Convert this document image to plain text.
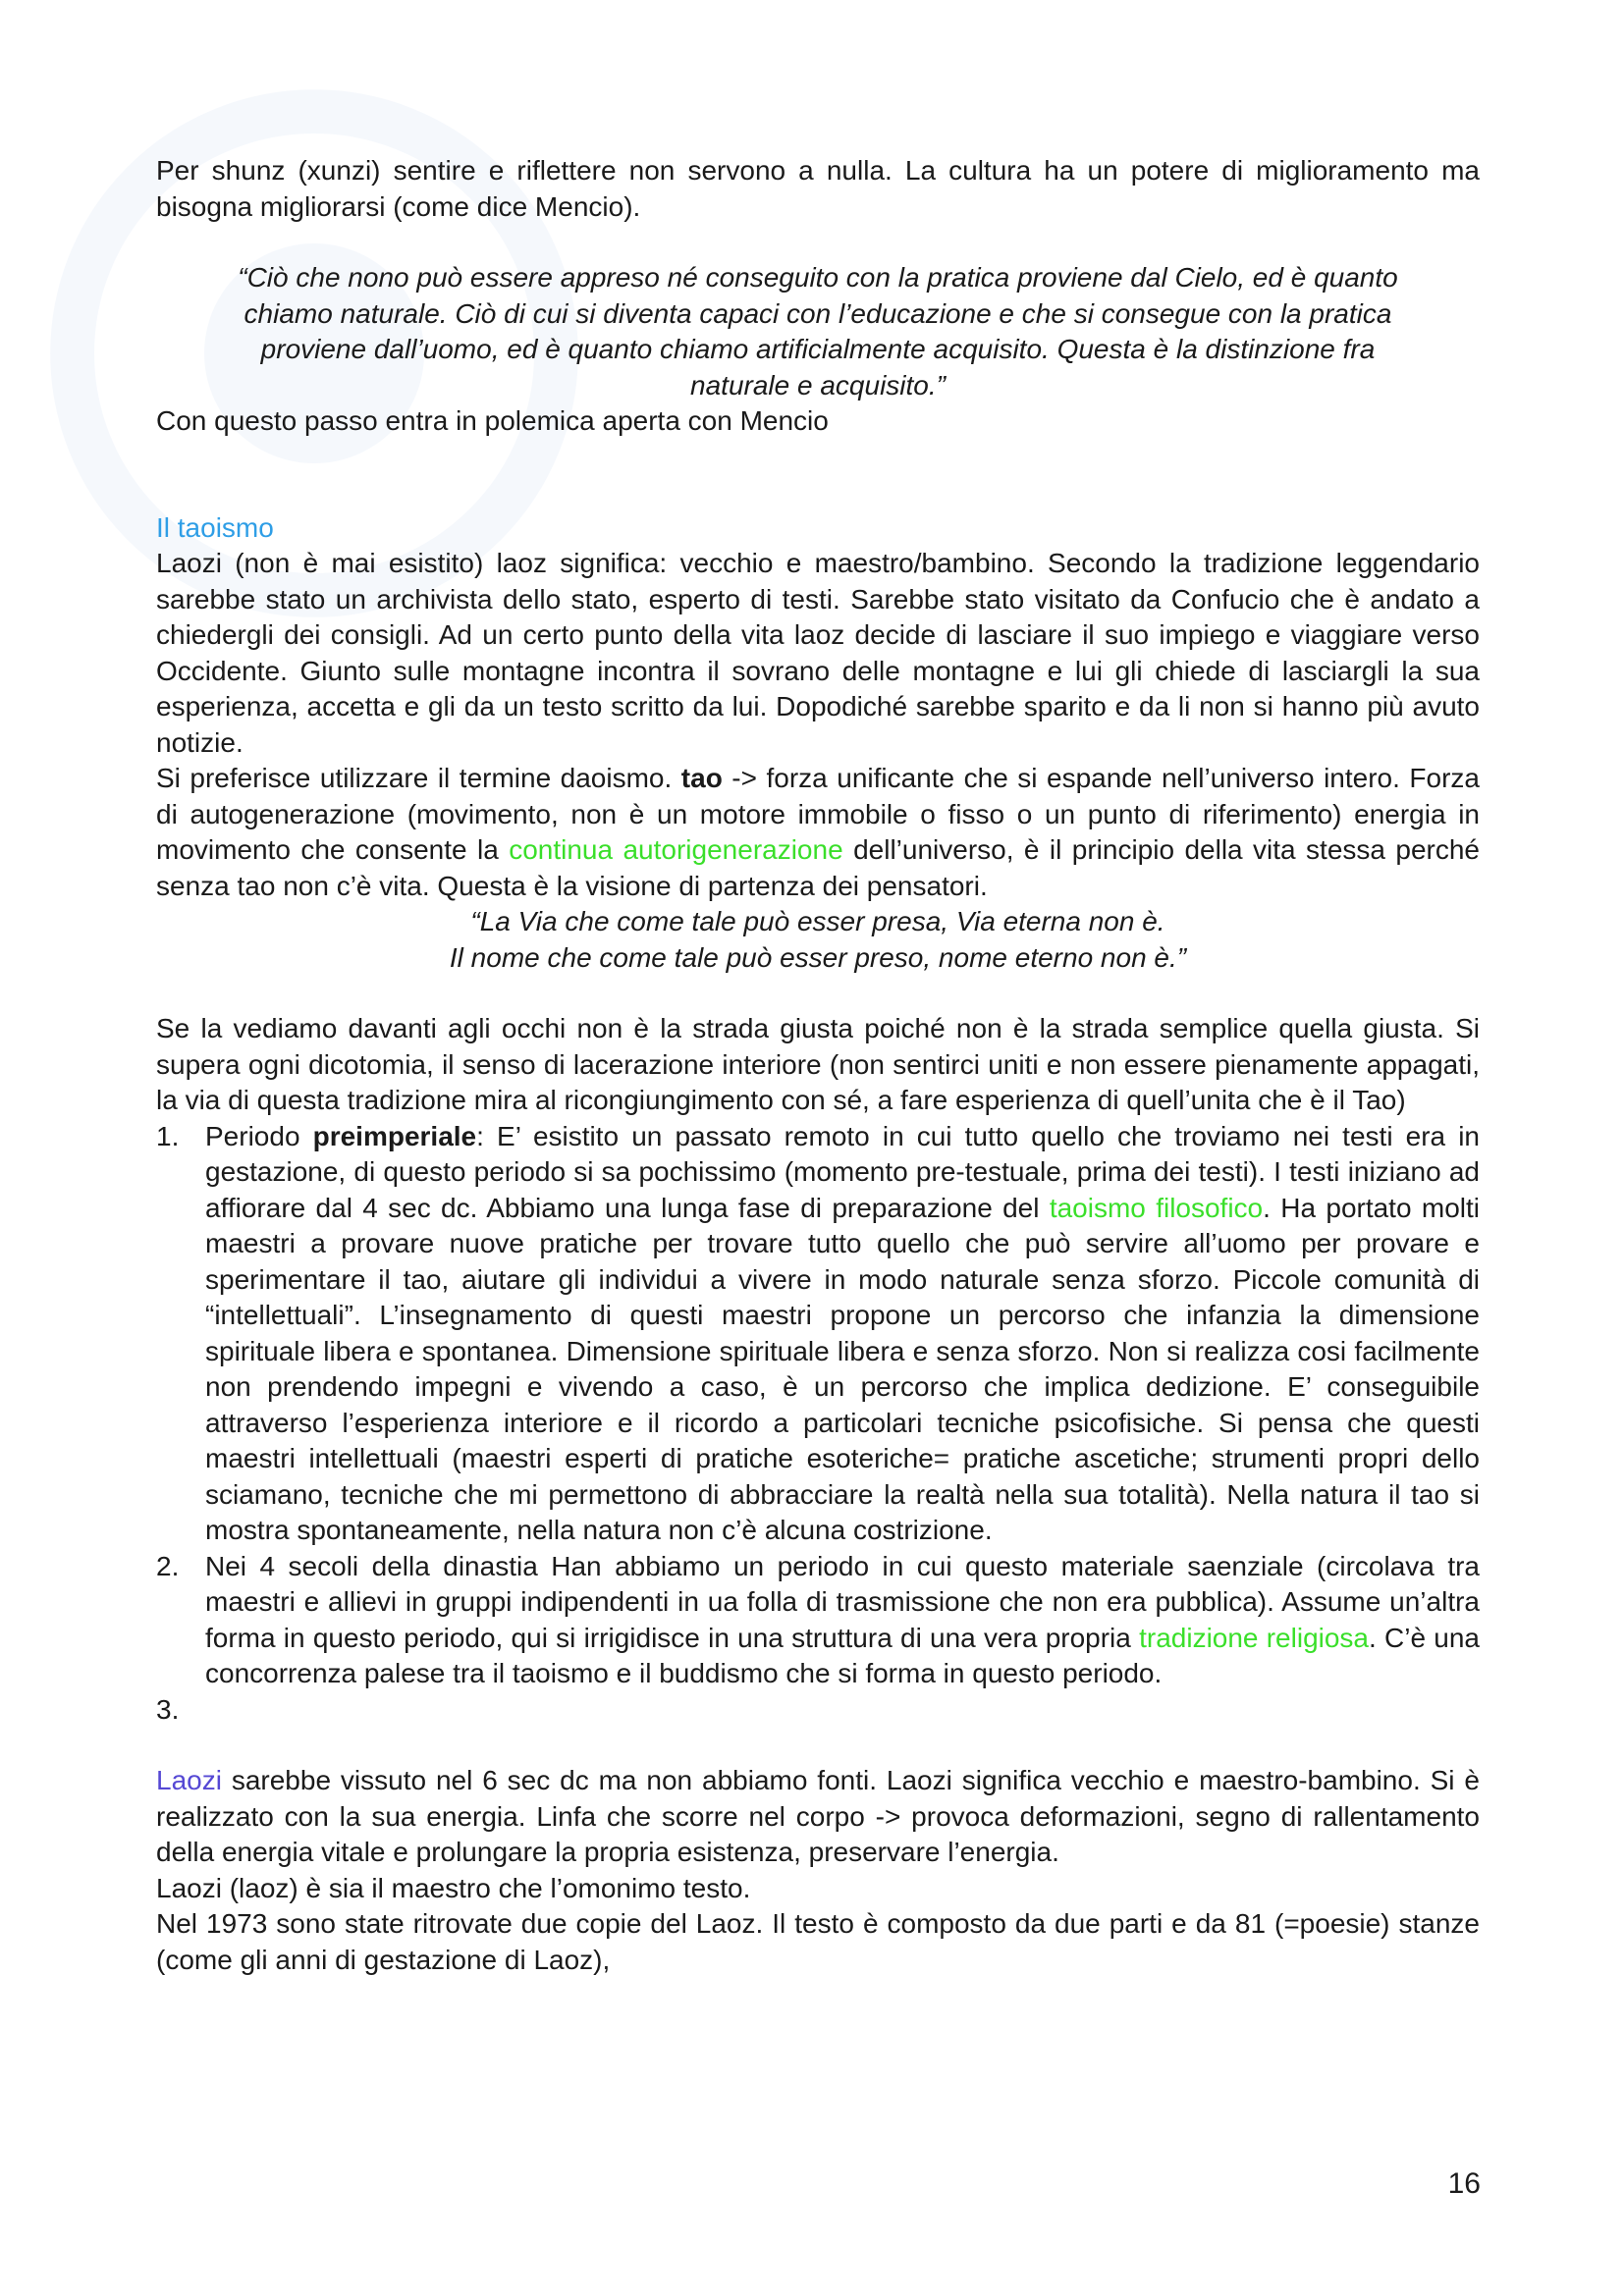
Per shunz (xunzi) sentire e riflettere non servono a nulla. La cultura ha un potere di miglioramento ma bisogna migliorarsi (come dice Mencio).

“Ciò che nono può essere appreso né conseguito con la pratica proviene dal Cielo, ed è quanto
chiamo naturale. Ciò di cui si diventa capaci con l’educazione e che si consegue con la pratica
proviene dall’uomo, ed è quanto chiamo artificialmente acquisito. Questa è la distinzione fra
naturale e acquisito.”

Con questo passo entra in polemica aperta con Mencio

Il taoismo

Laozi (non è mai esistito) laoz significa: vecchio e maestro/bambino. Secondo la tradizione leggendario sarebbe stato un archivista dello stato, esperto di testi. Sarebbe stato visitato da Confucio che è andato a chiedergli dei consigli. Ad un certo punto della vita laoz decide di lasciare il suo impiego e viaggiare verso Occidente. Giunto sulle montagne incontra il sovrano delle montagne e lui gli chiede di lasciargli la sua esperienza, accetta e gli da un testo scritto da lui. Dopodiché sarebbe sparito e da li non si hanno più avuto notizie.

Si preferisce utilizzare il termine daoismo. tao -> forza unificante che si espande nell’universo intero. Forza di autogenerazione (movimento, non è un motore immobile o fisso o un punto di riferimento) energia in movimento che consente la continua autorigenerazione dell’universo, è il principio della vita stessa perché senza tao non c’è vita. Questa è la visione di partenza dei pensatori.

“La Via che come tale può esser presa, Via eterna non è.
Il nome che come tale può esser preso, nome eterno non è.”

Se la vediamo davanti agli occhi non è la strada giusta poiché non è la strada semplice quella giusta. Si supera ogni dicotomia, il senso di lacerazione interiore (non sentirci uniti e non essere pienamente appagati, la via di questa tradizione mira al ricongiungimento con sé, a fare esperienza di quell’unita che è il Tao)

1. Periodo preimperiale: E’ esistito un passato remoto in cui tutto quello che troviamo nei testi era in gestazione, di questo periodo si sa pochissimo (momento pre-testuale, prima dei testi). I testi iniziano ad affiorare dal 4 sec dc. Abbiamo una lunga fase di preparazione del taoismo filosofico. Ha portato molti maestri a provare nuove pratiche per trovare tutto quello che può servire all’uomo per provare e sperimentare il tao, aiutare gli individui a vivere in modo naturale senza sforzo. Piccole comunità di “intellettuali”. L’insegnamento di questi maestri propone un percorso che infanzia la dimensione spirituale libera e spontanea. Dimensione spirituale libera e senza sforzo. Non si realizza cosi facilmente non prendendo impegni e vivendo a caso, è un percorso che implica dedizione. E’ conseguibile attraverso l’esperienza interiore e il ricordo a particolari tecniche psicofisiche. Si pensa che questi maestri intellettuali (maestri esperti di pratiche esoteriche= pratiche ascetiche; strumenti propri dello sciamano, tecniche che mi permettono di abbracciare la realtà nella sua totalità). Nella natura il tao si mostra spontaneamente, nella natura non c’è alcuna costrizione.
2. Nei 4 secoli della dinastia Han abbiamo un periodo in cui questo materiale saenziale (circolava tra maestri e allievi in gruppi indipendenti in ua folla di trasmissione che non era pubblica). Assume un’altra forma in questo periodo, qui si irrigidisce in una struttura di una vera propria tradizione religiosa. C’è una concorrenza palese tra il taoismo e il buddismo che si forma in questo periodo.
3.

Laozi sarebbe vissuto nel 6 sec dc ma non abbiamo fonti. Laozi significa vecchio e maestro-bambino. Si è realizzato con la sua energia. Linfa che scorre nel corpo -> provoca deformazioni, segno di rallentamento della energia vitale e prolungare la propria esistenza, preservare l’energia.

Laozi (laoz) è sia il maestro che l’omonimo testo.

Nel 1973 sono state ritrovate due copie del Laoz. Il testo è composto da due parti e da 81 (=poesie) stanze (come gli anni di gestazione di Laoz),

16
